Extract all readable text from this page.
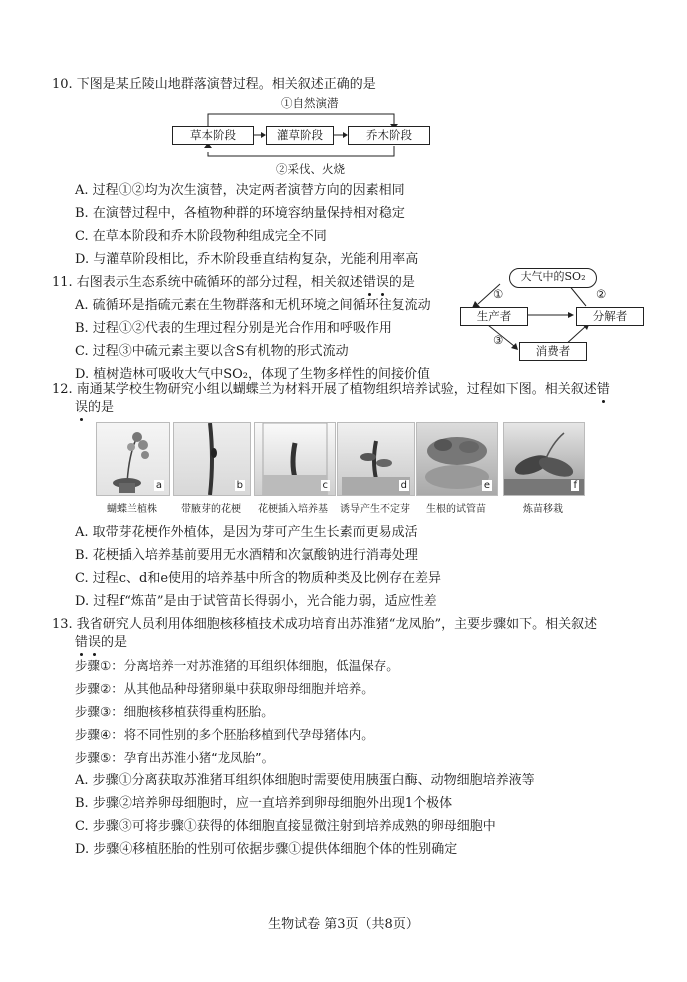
10. 下图是某丘陵山地群落演替过程。相关叙述正确的是
①自然演潜
草本阶段	灌草阶段	乔木阶段
②采伐、火烧
A. 过程①②均为次生演替，决定两者演替方向的因素相同
B. 在演替过程中，各植物种群的环境容纳量保持相对稳定
C. 在草本阶段和乔木阶段物种组成完全不同
D. 与灌草阶段相比，乔木阶段垂直结构复杂，光能利用率高
11. 右图表示生态系统中硫循环的部分过程，相关叙述错误的是
A. 硫循环是指硫元素在生物群落和无机环境之间循环往复流动
B. 过程①②代表的生理过程分别是光合作用和呼吸作用
C. 过程③中硫元素主要以含S有机物的形式流动
D. 植树造林可吸收大气中SO₂，体现了生物多样性的间接价值
大气中的SO₂
生产者	分解者
消费者
①	②
③
12. 南通某学校生物研究小组以蝴蝶兰为材料开展了植物组织培养试验，过程如下图。相关叙述错
误的是
a	b	c	d	e	f
蝴蝶兰植株	带腋芽的花梗	花梗插入培养基	诱导产生不定芽	生根的试管苗	炼苗移栽
A. 取带芽花梗作外植体，是因为芽可产生生长素而更易成活
B. 花梗插入培养基前要用无水酒精和次氯酸钠进行消毒处理
C. 过程c、d和e使用的培养基中所含的物质种类及比例存在差异
D. 过程f“炼苗”是由于试管苗长得弱小，光合能力弱，适应性差
13. 我省研究人员利用体细胞核移植技术成功培育出苏淮猪“龙凤胎”，主要步骤如下。相关叙述
错误的是
步骤①：分离培养一对苏淮猪的耳组织体细胞，低温保存。
步骤②：从其他品种母猪卵巢中获取卵母细胞并培养。
步骤③：细胞核移植获得重构胚胎。
步骤④：将不同性别的多个胚胎移植到代孕母猪体内。
步骤⑤：孕育出苏淮小猪“龙凤胎”。
A. 步骤①分离获取苏淮猪耳组织体细胞时需要使用胰蛋白酶、动物细胞培养液等
B. 步骤②培养卵母细胞时，应一直培养到卵母细胞外出现1个极体
C. 步骤③可将步骤①获得的体细胞直接显微注射到培养成熟的卵母细胞中
D. 步骤④移植胚胎的性别可依据步骤①提供体细胞个体的性别确定
生物试卷 第3页（共8页）
